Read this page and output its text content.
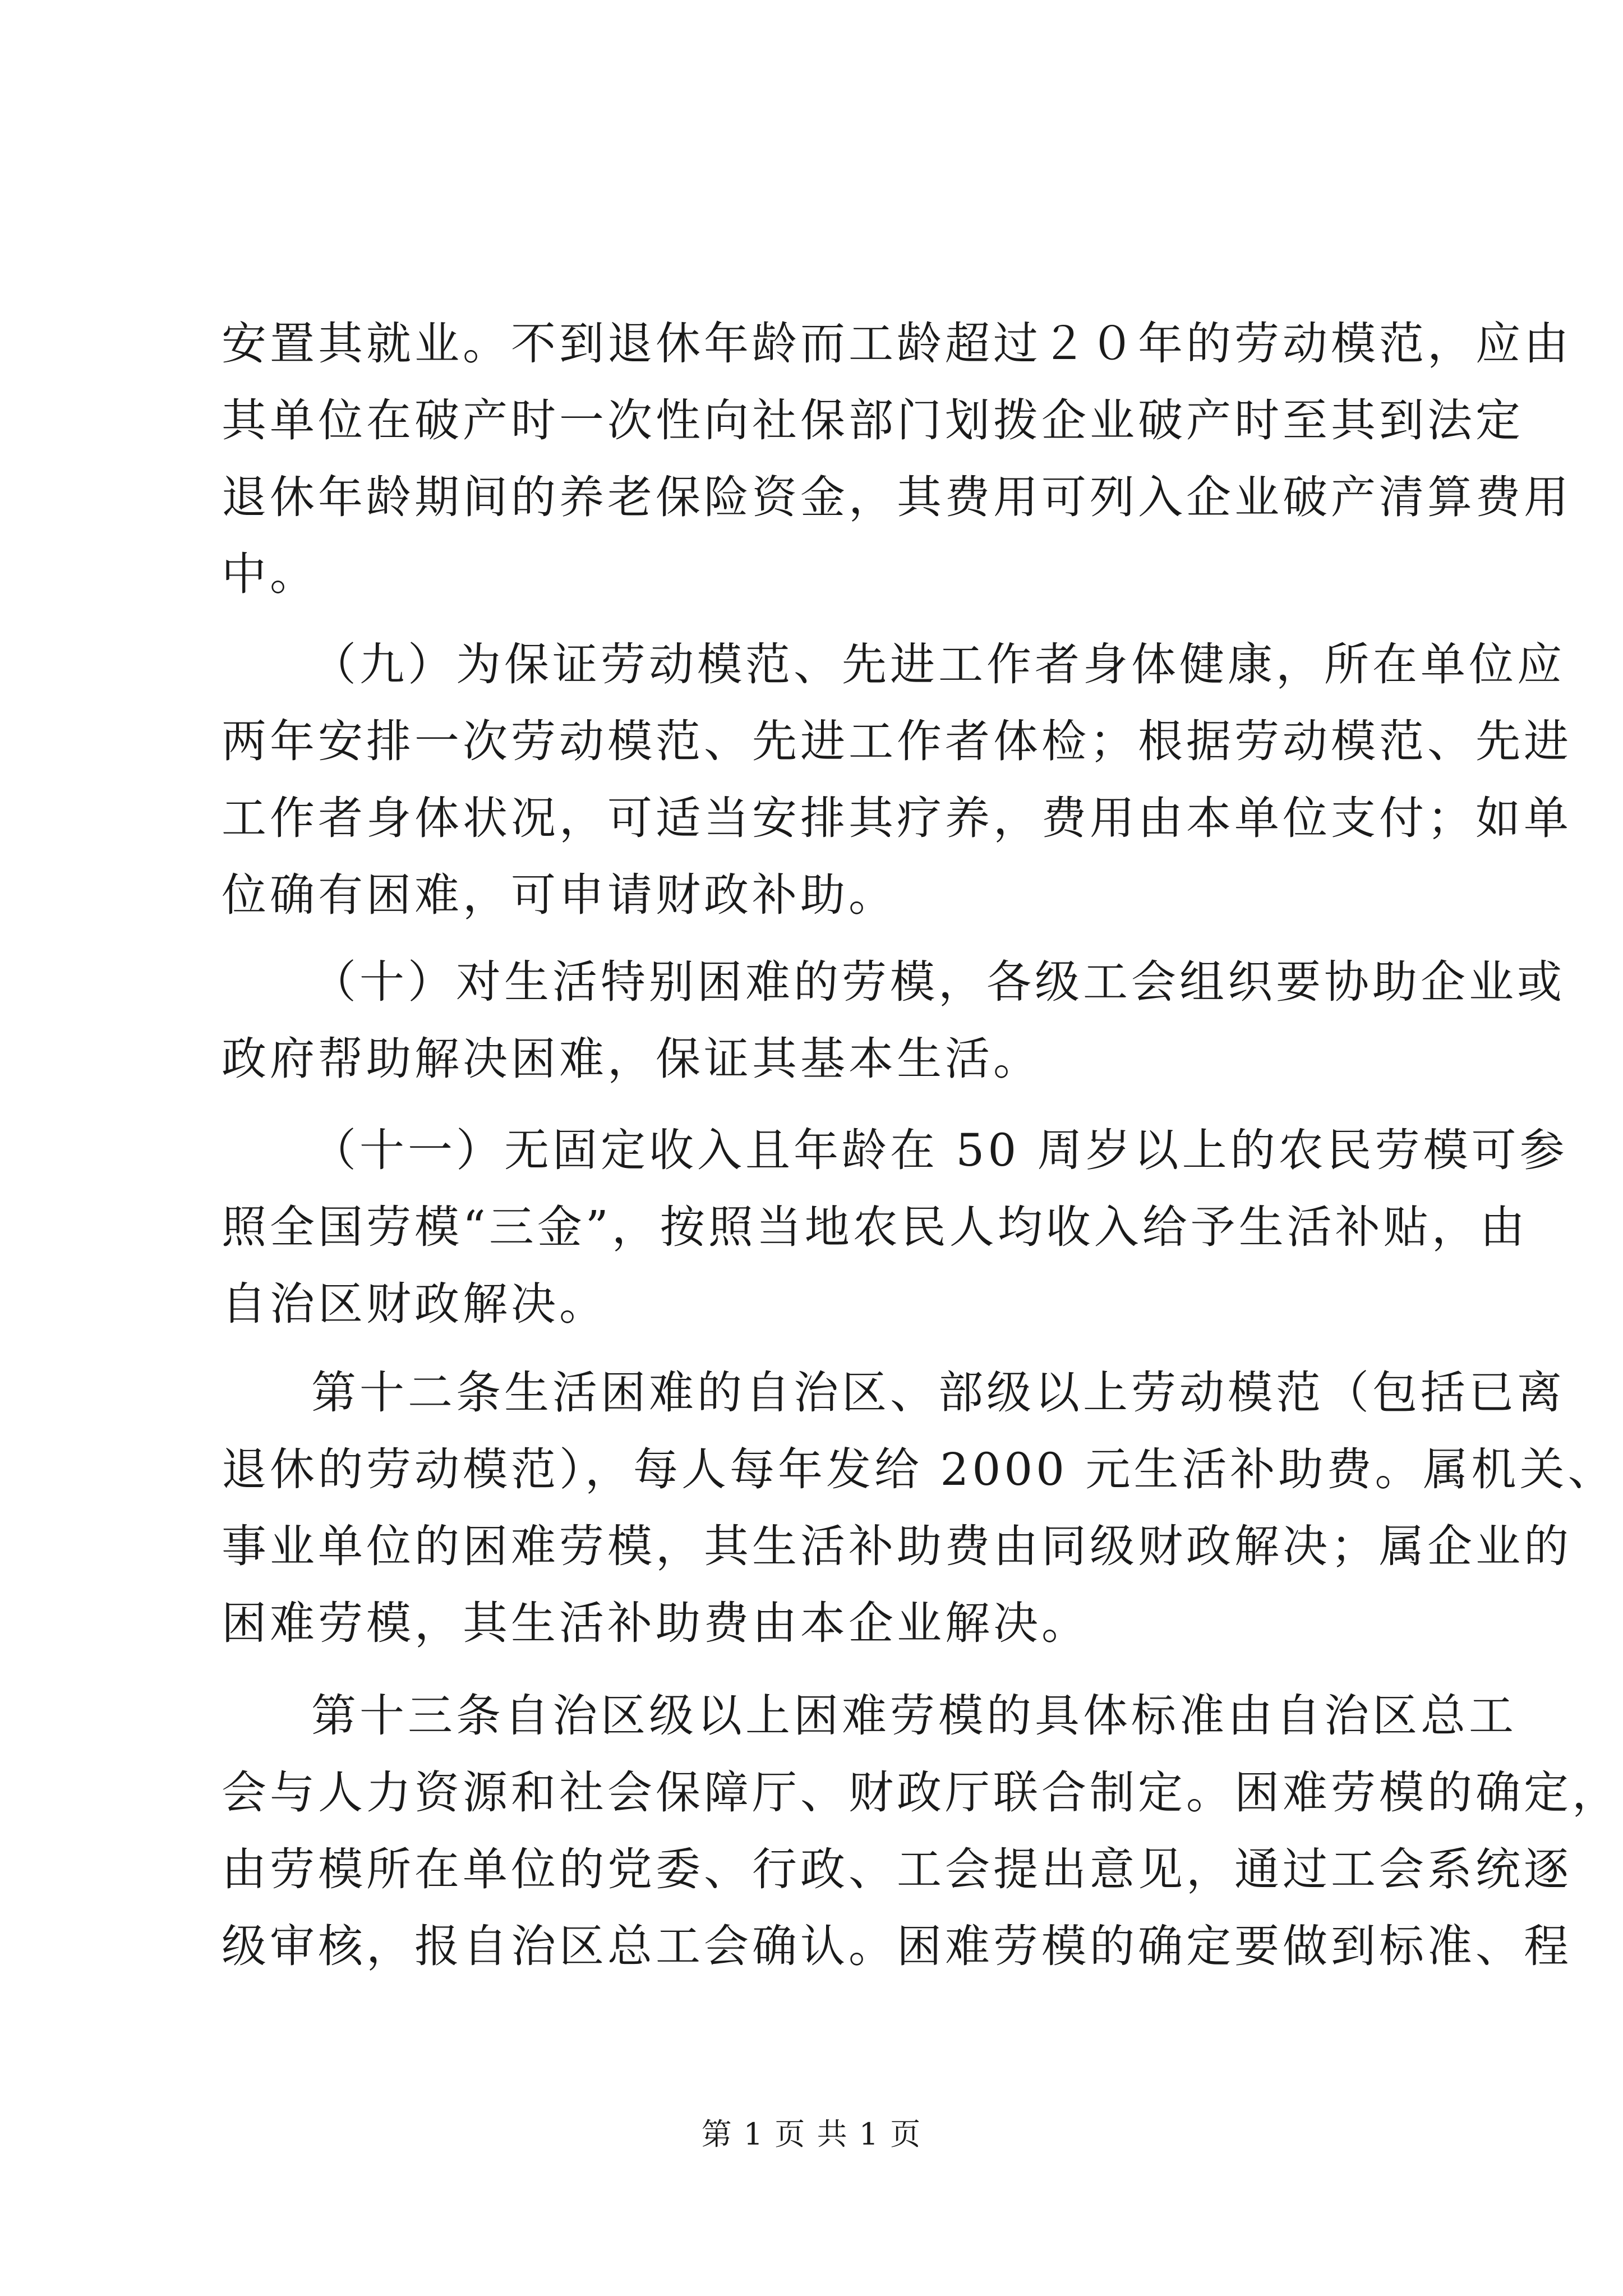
安置其就业。不到退休年龄而工龄超过２０年的劳动模范，应由
其单位在破产时一次性向社保部门划拨企业破产时至其到法定
退休年龄期间的养老保险资金，其费用可列入企业破产清算费用
中。
（九）为保证劳动模范、先进工作者身体健康，所在单位应
两年安排一次劳动模范、先进工作者体检；根据劳动模范、先进
工作者身体状况，可适当安排其疗养，费用由本单位支付；如单
位确有困难，可申请财政补助。
（十）对生活特别困难的劳模，各级工会组织要协助企业或
政府帮助解决困难，保证其基本生活。
（十一）无固定收入且年龄在 50 周岁以上的农民劳模可参
照全国劳模“三金”，按照当地农民人均收入给予生活补贴，由
自治区财政解决。
第十二条生活困难的自治区、部级以上劳动模范（包括已离
退休的劳动模范），每人每年发给 2000 元生活补助费。属机关、
事业单位的困难劳模，其生活补助费由同级财政解决；属企业的
困难劳模，其生活补助费由本企业解决。
第十三条自治区级以上困难劳模的具体标准由自治区总工
会与人力资源和社会保障厅、财政厅联合制定。困难劳模的确定，
由劳模所在单位的党委、行政、工会提出意见，通过工会系统逐
级审核，报自治区总工会确认。困难劳模的确定要做到标准、程
第 1 页 共 1 页
